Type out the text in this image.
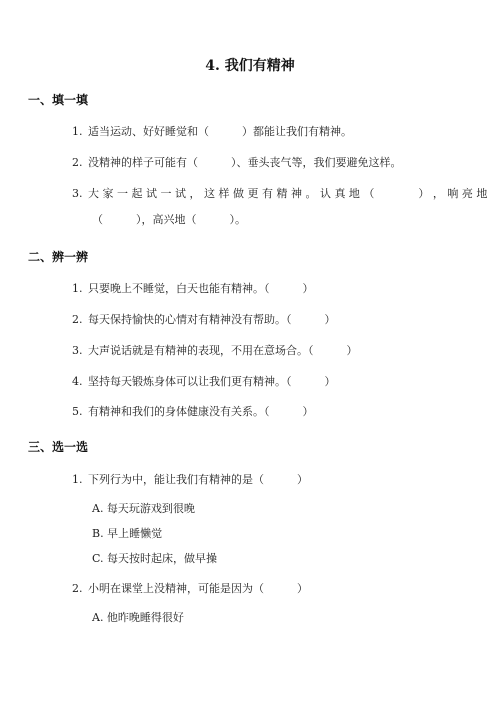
4. 我们有精神
一、填一填
1. 适当运动、好好睡觉和（　　　）都能让我们有精神。
2. 没精神的样子可能有（　　　）、垂头丧气等，我们要避免这样。
3. 大 家 一 起 试 一 试 ， 这 样 做 更 有 精 神 。 认 真 地 （　　　　） ， 响 亮 地
（　　　），高兴地（　　　）。
二、辨一辨
1. 只要晚上不睡觉，白天也能有精神。（　　　）
2. 每天保持愉快的心情对有精神没有帮助。（　　　）
3. 大声说话就是有精神的表现，不用在意场合。（　　　）
4. 坚持每天锻炼身体可以让我们更有精神。（　　　）
5. 有精神和我们的身体健康没有关系。（　　　）
三、选一选
1. 下列行为中，能让我们有精神的是（　　　）
A. 每天玩游戏到很晚
B. 早上睡懒觉
C. 每天按时起床，做早操
2. 小明在课堂上没精神，可能是因为（　　　）
A. 他昨晚睡得很好
